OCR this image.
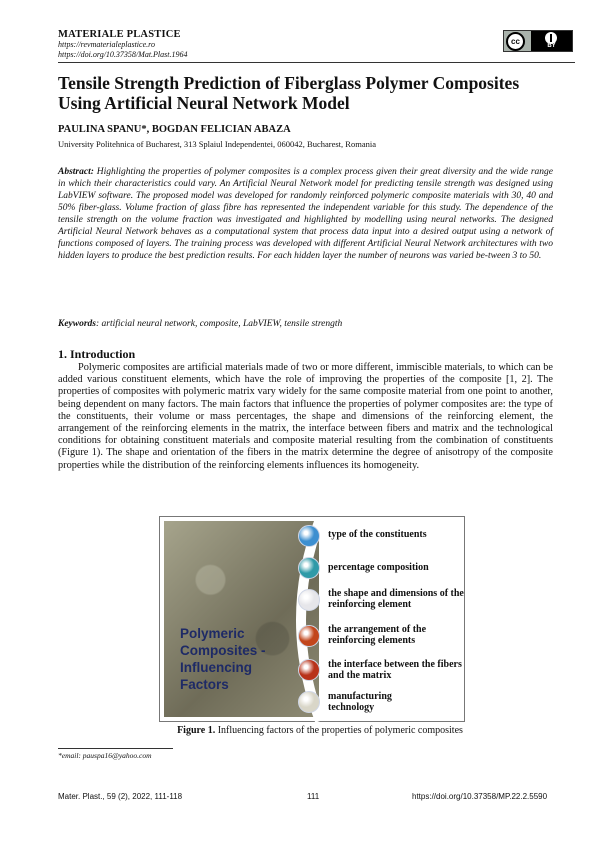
MATERIALE PLASTICE
https://revmaterialeplastice.ro
https://doi.org/10.37358/Mat.Plast.1964
cc	BY
Tensile Strength Prediction of Fiberglass Polymer Composites Using Artificial Neural Network Model
PAULINA SPANU*, BOGDAN FELICIAN ABAZA
University Politehnica of Bucharest, 313 Splaiul Independentei, 060042, Bucharest, Romania
Abstract: Highlighting the properties of polymer composites is a complex process given their great diversity and the wide range in which their characteristics could vary. An Artificial Neural Network model for predicting tensile strength was designed using LabVIEW software. The proposed model was developed for randomly reinforced polymeric composite materials with 30, 40 and 50% fiber-glass. Volume fraction of glass fibre has represented the independent variable for this study. The dependence of the tensile strength on the volume fraction was investigated and highlighted by modelling using neural networks. The designed Artificial Neural Network behaves as a computational system that process data input into a desired output using a network of functions composed of layers. The training process was developed with different Artificial Neural Network architectures with two hidden layers to produce the best prediction results. For each hidden layer the number of neurons was varied be-tween 3 to 50.
Keywords: artificial neural network, composite, LabVIEW, tensile strength
1. Introduction
Polymeric composites are artificial materials made of two or more different, immiscible materials, to which can be added various constituent elements, which have the role of improving the properties of the composite [1, 2]. The properties of composites with polymeric matrix vary widely for the same composite material from one point to another, being dependent on many factors. The main factors that influence the properties of polymer composites are: the type of the constituents, their volume or mass percentages, the shape and dimensions of the reinforcing element, the arrangement of the reinforcing elements in the matrix, the interface between fibers and matrix and the technological conditions for obtaining constituent materials and composite material resulting from the combination of constituents (Figure 1). The shape and orientation of the fibers in the matrix determine the degree of anisotropy of the composite properties while the distribution of the reinforcing elements influences its homogeneity.
Polymeric
Composites -
Influencing
Factors
type of the constituents
percentage composition
the shape and dimensions of the reinforcing element
the arrangement of the reinforcing elements
the interface between the fibers and the matrix
manufacturing technology
Figure 1. Influencing factors of the properties of polymeric composites
*email: pauspa16@yahoo.com
Mater. Plast., 59 (2), 2022, 111-118	111	https://doi.org/10.37358/MP.22.2.5590
